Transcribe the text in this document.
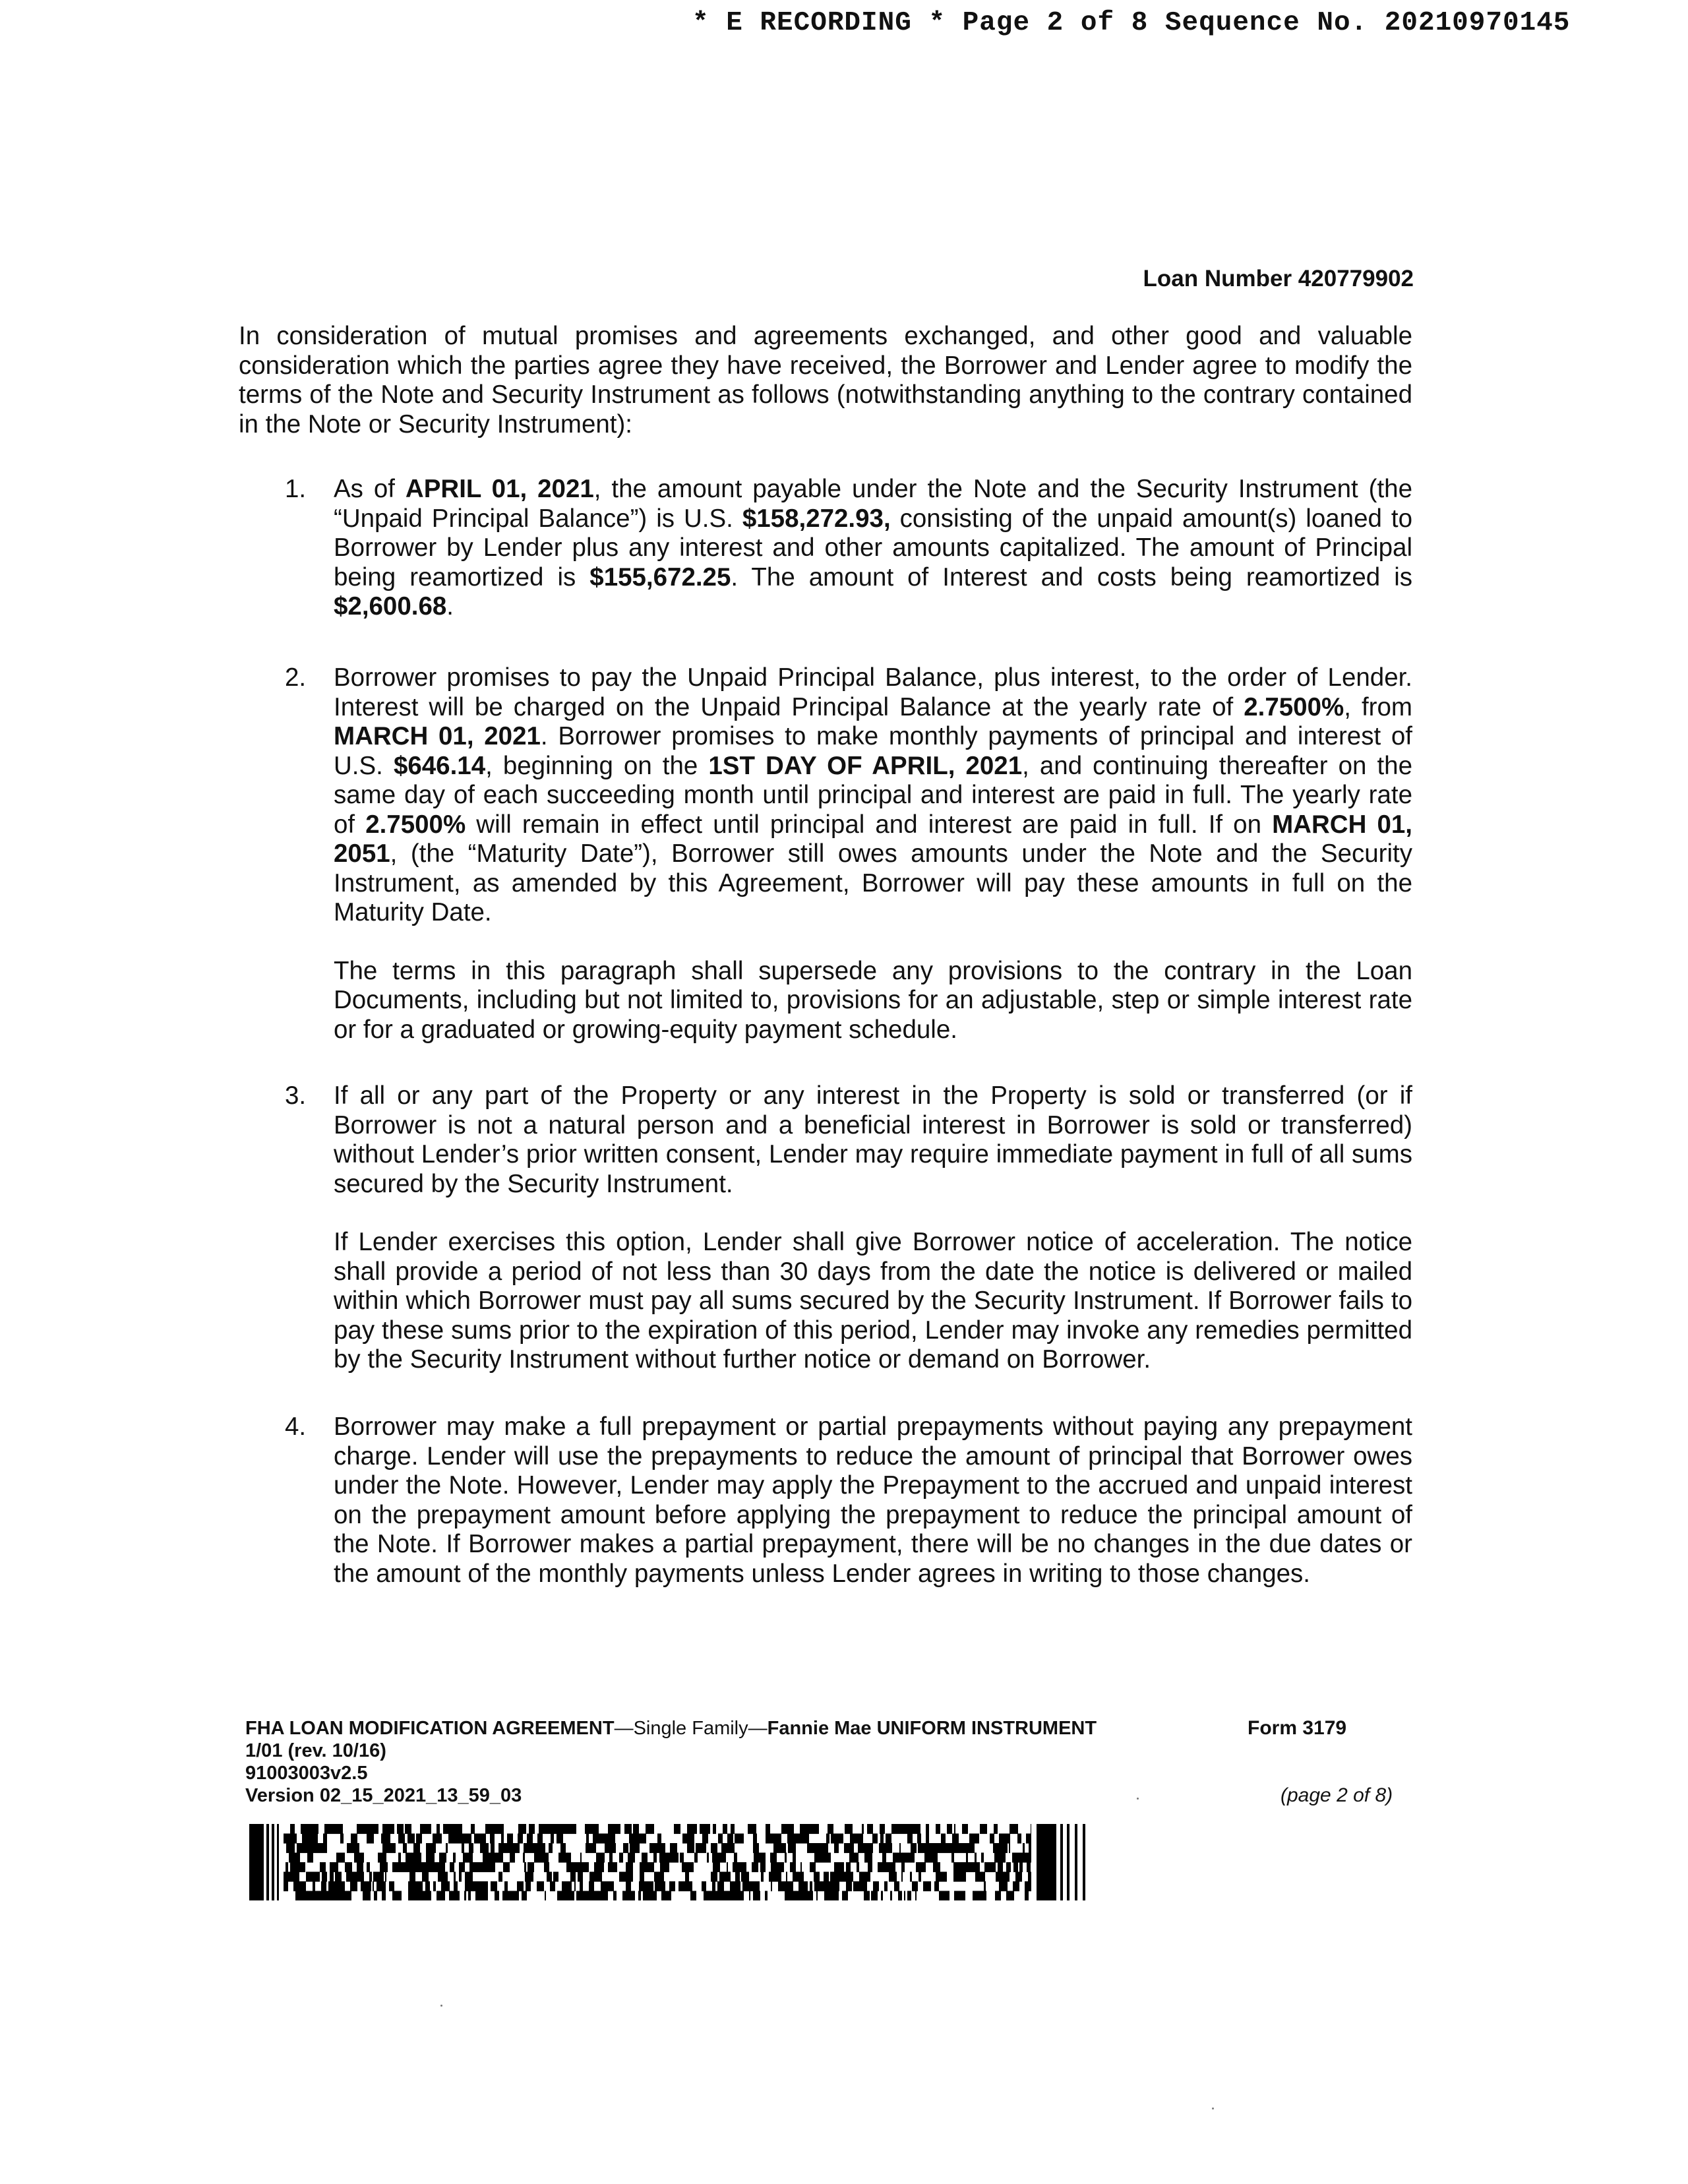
* E RECORDING * Page 2 of 8 Sequence No. 20210970145
Loan Number 420779902
In consideration of mutual promises and agreements exchanged, and other good and valuable consideration which the parties agree they have received, the Borrower and Lender agree to modify the terms of the Note and Security Instrument as follows (notwithstanding anything to the contrary contained in the Note or Security Instrument):
1. As of APRIL 01, 2021, the amount payable under the Note and the Security Instrument (the “Unpaid Principal Balance”) is U.S. $158,272.93, consisting of the unpaid amount(s) loaned to Borrower by Lender plus any interest and other amounts capitalized. The amount of Principal being reamortized is $155,672.25. The amount of Interest and costs being reamortized is $2,600.68.

2. Borrower promises to pay the Unpaid Principal Balance, plus interest, to the order of Lender. Interest will be charged on the Unpaid Principal Balance at the yearly rate of 2.7500%, from MARCH 01, 2021. Borrower promises to make monthly payments of principal and interest of U.S. $646.14, beginning on the 1ST DAY OF APRIL, 2021, and continuing thereafter on the same day of each succeeding month until principal and interest are paid in full. The yearly rate of 2.7500% will remain in effect until principal and interest are paid in full. If on MARCH 01, 2051, (the “Maturity Date”), Borrower still owes amounts under the Note and the Security Instrument, as amended by this Agreement, Borrower will pay these amounts in full on the Maturity Date.

The terms in this paragraph shall supersede any provisions to the contrary in the Loan Documents, including but not limited to, provisions for an adjustable, step or simple interest rate or for a graduated or growing-equity payment schedule.

3. If all or any part of the Property or any interest in the Property is sold or transferred (or if Borrower is not a natural person and a beneficial interest in Borrower is sold or transferred) without Lender’s prior written consent, Lender may require immediate payment in full of all sums secured by the Security Instrument.

If Lender exercises this option, Lender shall give Borrower notice of acceleration. The notice shall provide a period of not less than 30 days from the date the notice is delivered or mailed within which Borrower must pay all sums secured by the Security Instrument. If Borrower fails to pay these sums prior to the expiration of this period, Lender may invoke any remedies permitted by the Security Instrument without further notice or demand on Borrower.

4. Borrower may make a full prepayment or partial prepayments without paying any prepayment charge. Lender will use the prepayments to reduce the amount of principal that Borrower owes under the Note. However, Lender may apply the Prepayment to the accrued and unpaid interest on the prepayment amount before applying the prepayment to reduce the principal amount of the Note. If Borrower makes a partial prepayment, there will be no changes in the due dates or the amount of the monthly payments unless Lender agrees in writing to those changes.

FHA LOAN MODIFICATION AGREEMENT—Single Family—Fannie Mae UNIFORM INSTRUMENT
1/01 (rev. 10/16)
91003003v2.5
Version 02_15_2021_13_59_03
Form 3179
(page 2 of 8)
